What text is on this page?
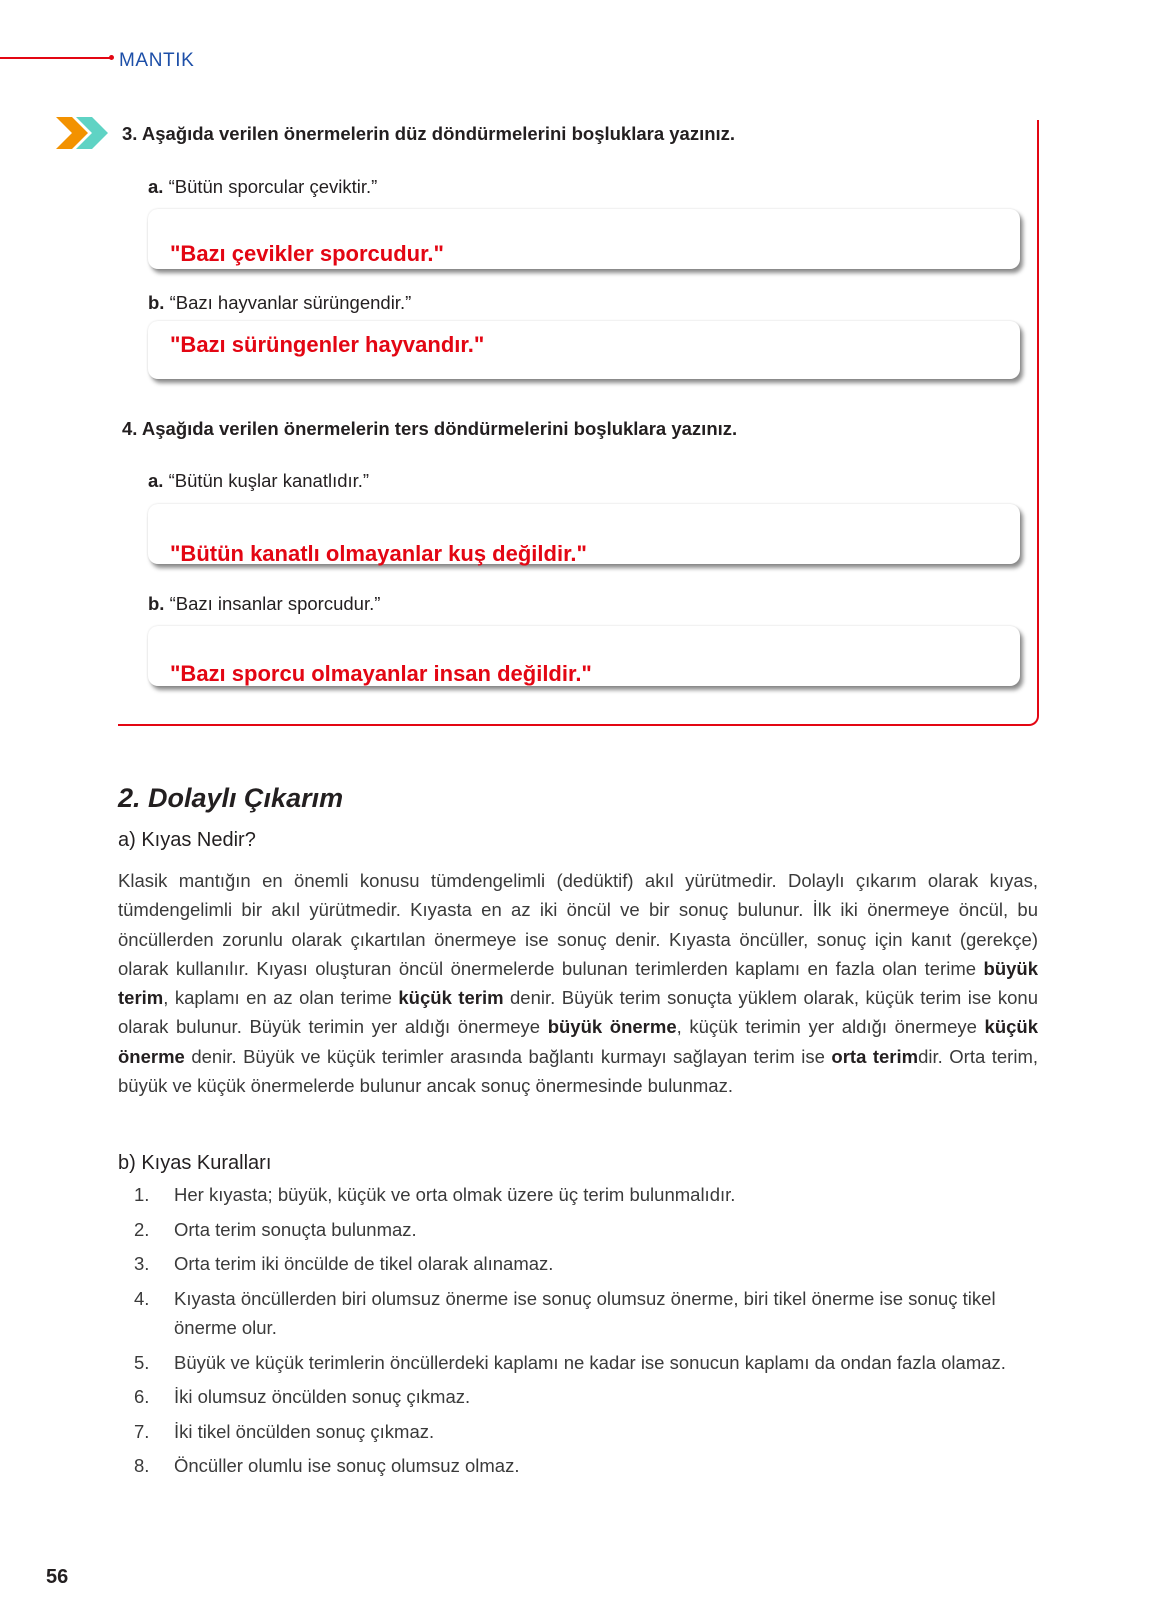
MANTIK
3. Aşağıda verilen önermelerin düz döndürmelerini boşluklara yazınız.
a. “Bütün sporcular çeviktir.”
"Bazı çevikler sporcudur."
b. “Bazı hayvanlar sürüngendir.”
"Bazı sürüngenler hayvandır."
4. Aşağıda verilen önermelerin ters döndürmelerini boşluklara yazınız.
a. “Bütün kuşlar kanatlıdır.”
"Bütün kanatlı olmayanlar kuş değildir."
b. “Bazı insanlar sporcudur.”
"Bazı sporcu olmayanlar insan değildir."
2. Dolaylı Çıkarım
a) Kıyas Nedir?

Klasik mantığın en önemli konusu tümdengelimli (dedüktif) akıl yürütmedir. Dolaylı çıkarım olarak kıyas, tümdengelimli bir akıl yürütmedir. Kıyasta en az iki öncül ve bir sonuç bulunur. İlk iki önermeye öncül, bu öncüllerden zorunlu olarak çıkartılan önermeye ise sonuç denir. Kıyasta öncüller, sonuç için kanıt (gerekçe) olarak kullanılır. Kıyası oluşturan öncül önermelerde bulunan terimlerden kaplamı en fazla olan terime büyük terim, kaplamı en az olan terime küçük terim denir. Büyük terim sonuçta yüklem olarak, küçük terim ise konu olarak bulunur. Büyük terimin yer aldığı önermeye büyük önerme, küçük terimin yer aldığı önermeye küçük önerme denir. Büyük ve küçük terimler arasında bağlantı kurmayı sağlayan terim ise orta terimdir. Orta terim, büyük ve küçük önermelerde bulunur ancak sonuç önermesinde bulunmaz.

b) Kıyas Kuralları
1. Her kıyasta; büyük, küçük ve orta olmak üzere üç terim bulunmalıdır.
2. Orta terim sonuçta bulunmaz.
3. Orta terim iki öncülde de tikel olarak alınamaz.
4. Kıyasta öncüllerden biri olumsuz önerme ise sonuç olumsuz önerme, biri tikel önerme ise sonuç tikel önerme olur.
5. Büyük ve küçük terimlerin öncüllerdeki kaplamı ne kadar ise sonucun kaplamı da ondan fazla olamaz.
6. İki olumsuz öncülden sonuç çıkmaz.
7. İki tikel öncülden sonuç çıkmaz.
8. Öncüller olumlu ise sonuç olumsuz olmaz.
56
